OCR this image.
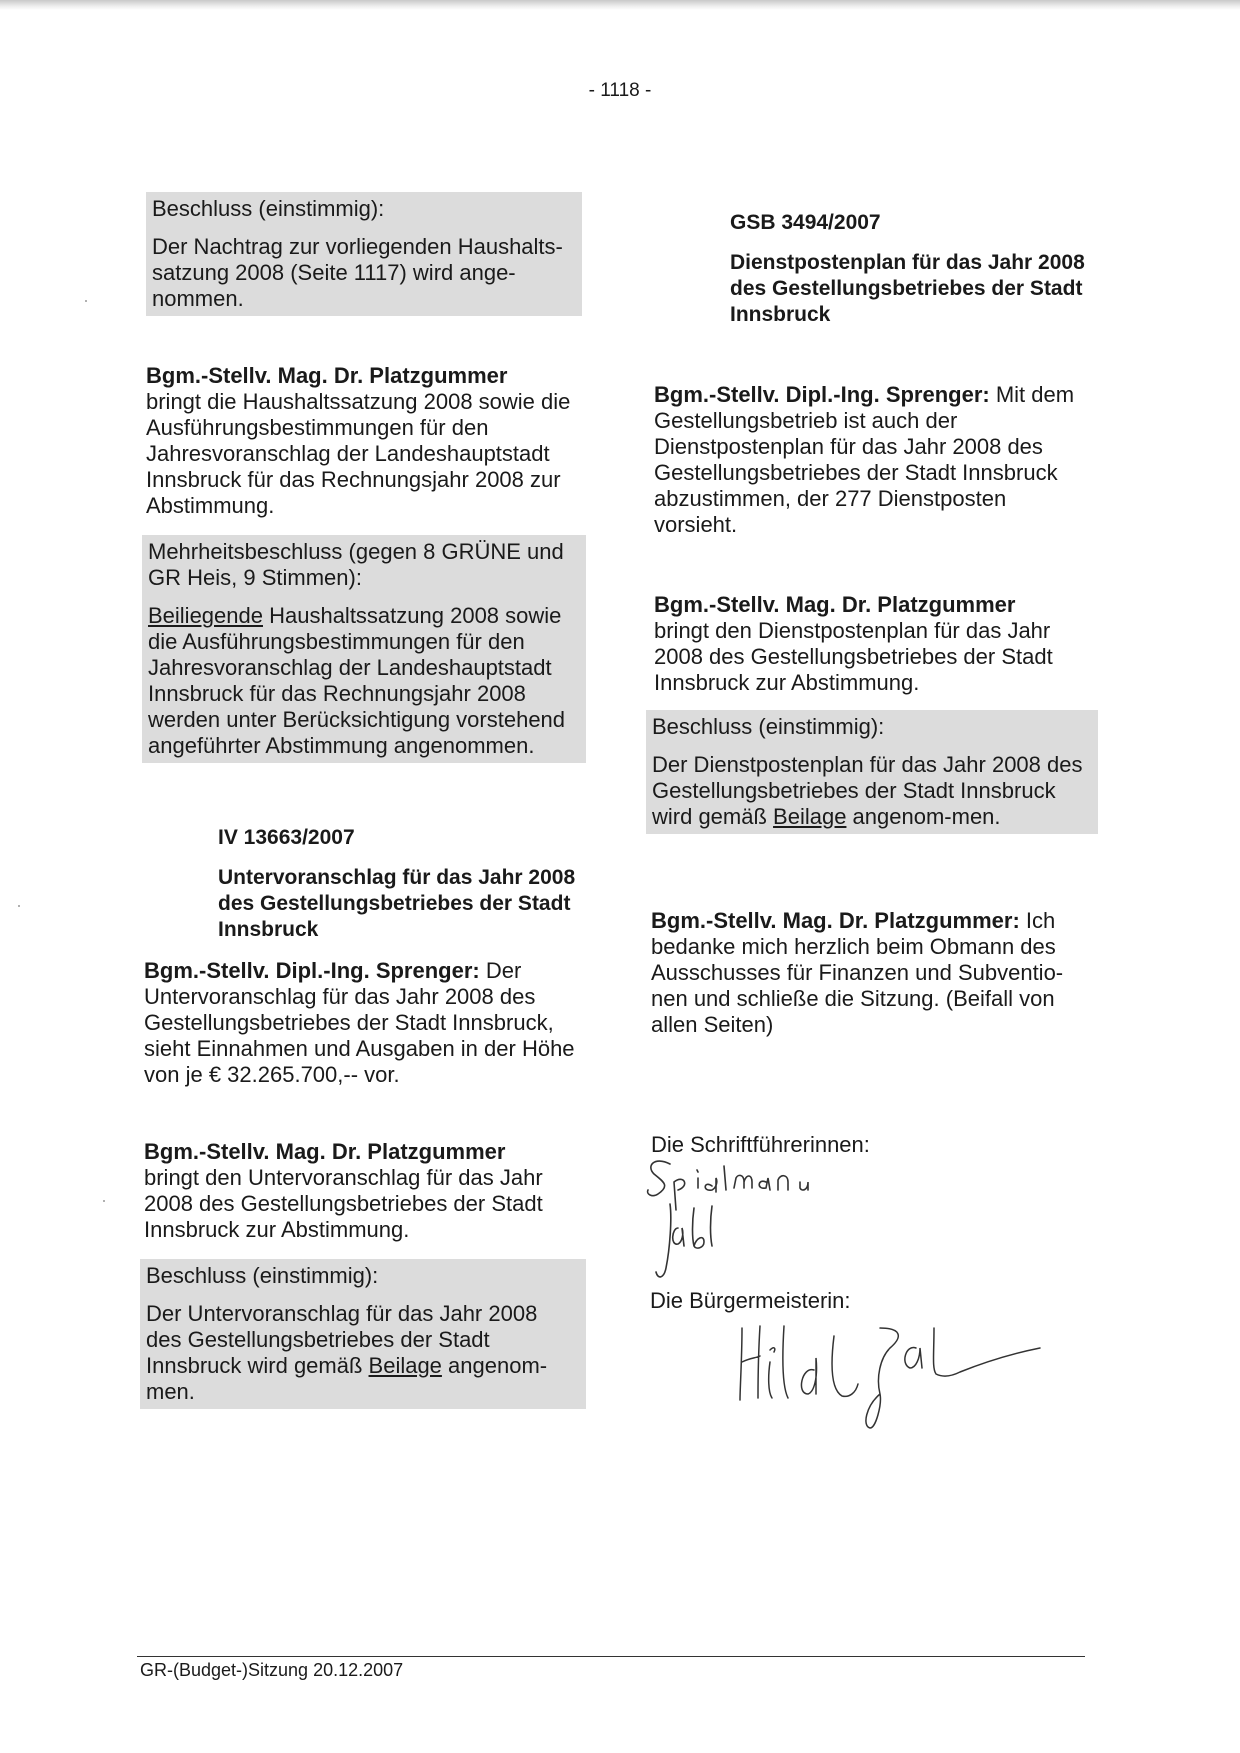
- 1118 -

Beschluss (einstimmig):

Der Nachtrag zur vorliegenden Haushalts-satzung 2008 (Seite 1117) wird ange-nommen.

Bgm.-Stellv. Mag. Dr. Platzgummer
bringt die Haushaltssatzung 2008 sowie die Ausführungsbestimmungen für den Jahresvoranschlag der Landeshauptstadt Innsbruck für das Rechnungsjahr 2008 zur Abstimmung.

Mehrheitsbeschluss (gegen 8 GRÜNE und GR Heis, 9 Stimmen):

Beiliegende Haushaltssatzung 2008 sowie die Ausführungsbestimmungen für den Jahresvoranschlag der Landeshauptstadt Innsbruck für das Rechnungsjahr 2008 werden unter Berücksichtigung vorstehend angeführter Abstimmung angenommen.

IV 13663/2007

Untervoranschlag für das Jahr 2008 des Gestellungsbetriebes der Stadt Innsbruck

Bgm.-Stellv. Dipl.-Ing. Sprenger: Der Untervoranschlag für das Jahr 2008 des Gestellungsbetriebes der Stadt Innsbruck, sieht Einnahmen und Ausgaben in der Höhe von je € 32.265.700,-- vor.

Bgm.-Stellv. Mag. Dr. Platzgummer
bringt den Untervoranschlag für das Jahr 2008 des Gestellungsbetriebes der Stadt Innsbruck zur Abstimmung.

Beschluss (einstimmig):

Der Untervoranschlag für das Jahr 2008 des Gestellungsbetriebes der Stadt Innsbruck wird gemäß Beilage angenom-men.

GSB 3494/2007

Dienstpostenplan für das Jahr 2008 des Gestellungsbetriebes der Stadt Innsbruck

Bgm.-Stellv. Dipl.-Ing. Sprenger: Mit dem Gestellungsbetrieb ist auch der Dienstpostenplan für das Jahr 2008 des Gestellungsbetriebes der Stadt Innsbruck abzustimmen, der 277 Dienstposten vorsieht.

Bgm.-Stellv. Mag. Dr. Platzgummer
bringt den Dienstpostenplan für das Jahr 2008 des Gestellungsbetriebes der Stadt Innsbruck zur Abstimmung.

Beschluss (einstimmig):

Der Dienstpostenplan für das Jahr 2008 des Gestellungsbetriebes der Stadt Innsbruck wird gemäß Beilage angenom-men.

Bgm.-Stellv. Mag. Dr. Platzgummer: Ich bedanke mich herzlich beim Obmann des Ausschusses für Finanzen und Subventio-nen und schließe die Sitzung. (Beifall von allen Seiten)

Die Schriftführerinnen:
Die Bürgermeisterin:
GR-(Budget-)Sitzung 20.12.2007
